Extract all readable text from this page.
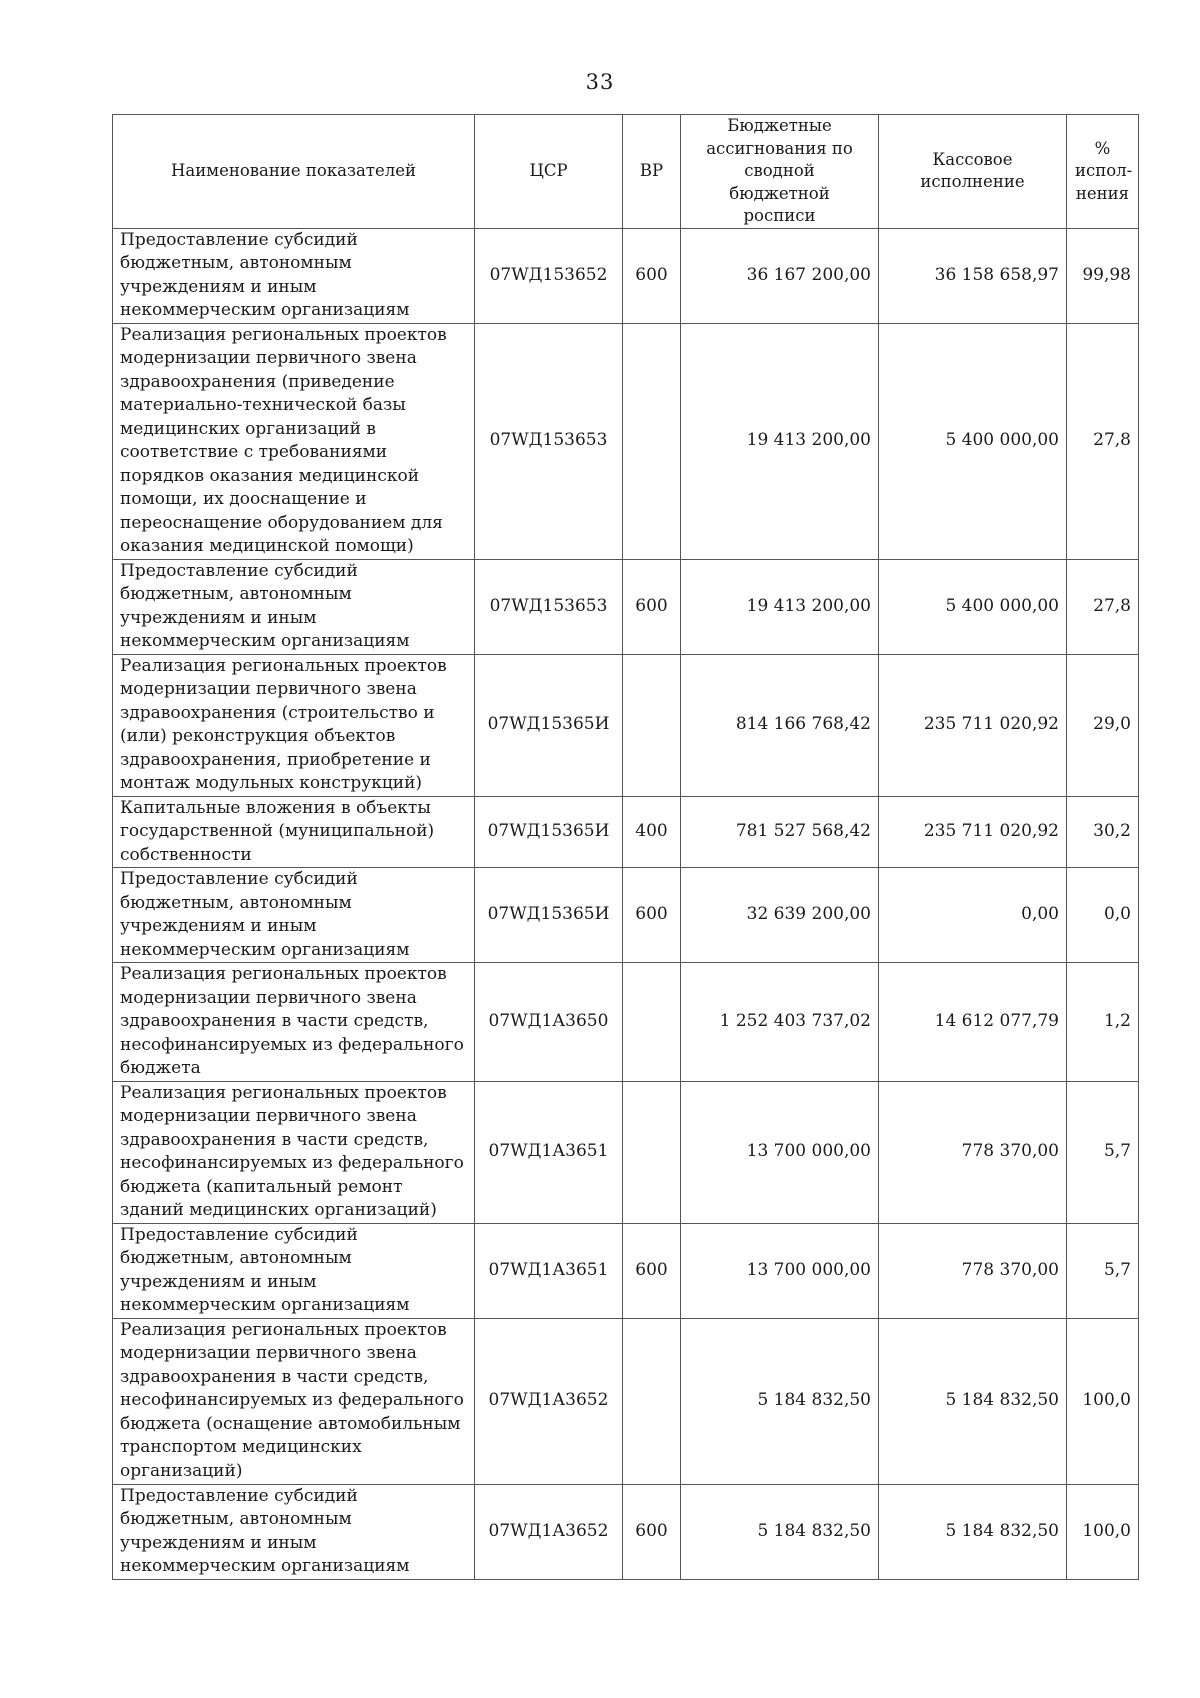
33
Наименование показателей	ЦСР	ВР	Бюджетные ассигнования по сводной бюджетной росписи	Кассовое исполнение	% испол-нения
Предоставление субсидий бюджетным, автономным учреждениям и иным некоммерческим организациям	07WД153652	600	36 167 200,00	36 158 658,97	99,98
Реализация региональных проектов модернизации первичного звена здравоохранения (приведение материально-технической базы медицинских организаций в соответствие с требованиями порядков оказания медицинской помощи, их дооснащение и переоснащение оборудованием для оказания медицинской помощи)	07WД153653		19 413 200,00	5 400 000,00	27,8
Предоставление субсидий бюджетным, автономным учреждениям и иным некоммерческим организациям	07WД153653	600	19 413 200,00	5 400 000,00	27,8
Реализация региональных проектов модернизации первичного звена здравоохранения (строительство и (или) реконструкция объектов здравоохранения, приобретение и монтаж модульных конструкций)	07WД15365И		814 166 768,42	235 711 020,92	29,0
Капитальные вложения в объекты государственной (муниципальной) собственности	07WД15365И	400	781 527 568,42	235 711 020,92	30,2
Предоставление субсидий бюджетным, автономным учреждениям и иным некоммерческим организациям	07WД15365И	600	32 639 200,00	0,00	0,0
Реализация региональных проектов модернизации первичного звена здравоохранения в части средств, несофинансируемых из федерального бюджета	07WД1А3650		1 252 403 737,02	14 612 077,79	1,2
Реализация региональных проектов модернизации первичного звена здравоохранения в части средств, несофинансируемых из федерального бюджета (капитальный ремонт зданий медицинских организаций)	07WД1А3651		13 700 000,00	778 370,00	5,7
Предоставление субсидий бюджетным, автономным учреждениям и иным некоммерческим организациям	07WД1А3651	600	13 700 000,00	778 370,00	5,7
Реализация региональных проектов модернизации первичного звена здравоохранения в части средств, несофинансируемых из федерального бюджета (оснащение автомобильным транспортом медицинских организаций)	07WД1А3652		5 184 832,50	5 184 832,50	100,0
Предоставление субсидий бюджетным, автономным учреждениям и иным некоммерческим организациям	07WД1А3652	600	5 184 832,50	5 184 832,50	100,0
